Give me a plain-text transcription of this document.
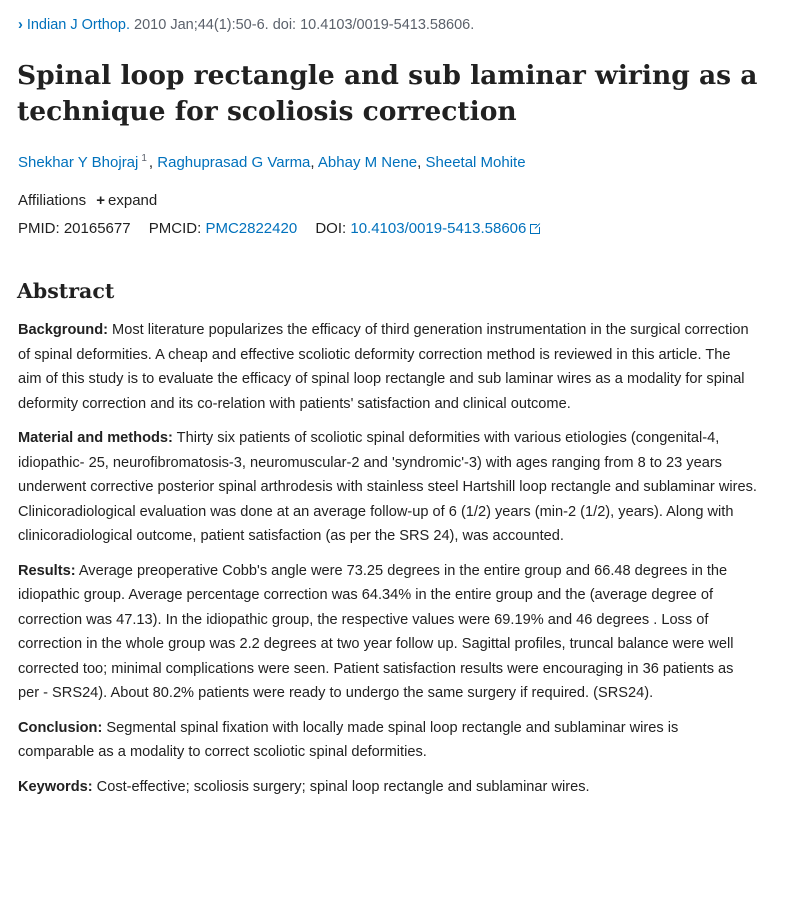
› Indian J Orthop. 2010 Jan;44(1):50-6. doi: 10.4103/0019-5413.58606.
Spinal loop rectangle and sub laminar wiring as a technique for scoliosis correction
Shekhar Y Bhojraj $^1$ , Raghuprasad G Varma, Abhay M Nene, Sheetal Mohite
Affiliations + expand
PMID: 20165677 PMCID: PMC2822420 DOI: 10.4103/0019-5413.58606
Abstract

Background: Most literature popularizes the efficacy of third generation instrumentation in the surgical correction of spinal deformities. A cheap and effective scoliotic deformity correction method is reviewed in this article. The aim of this study is to evaluate the efficacy of spinal loop rectangle and sub laminar wires as a modality for spinal deformity correction and its co-relation with patients' satisfaction and clinical outcome.

Material and methods: Thirty six patients of scoliotic spinal deformities with various etiologies (congenital-4, idiopathic- 25, neurofibromatosis-3, neuromuscular-2 and 'syndromic'-3) with ages ranging from 8 to 23 years underwent corrective posterior spinal arthrodesis with stainless steel Hartshill loop rectangle and sublaminar wires. Clinicoradiological evaluation was done at an average follow-up of 6 (1/2) years (min-2 (1/2), years). Along with clinicoradiological outcome, patient satisfaction (as per the SRS 24), was accounted.

Results: Average preoperative Cobb's angle were 73.25 degrees in the entire group and 66.48 degrees in the idiopathic group. Average percentage correction was 64.34% in the entire group and the (average degree of correction was 47.13). In the idiopathic group, the respective values were 69.19% and 46 degrees . Loss of correction in the whole group was 2.2 degrees at two year follow up. Sagittal profiles, truncal balance were well corrected too; minimal complications were seen. Patient satisfaction results were encouraging in 36 patients as per - SRS24). About 80.2% patients were ready to undergo the same surgery if required. (SRS24).

Conclusion: Segmental spinal fixation with locally made spinal loop rectangle and sublaminar wires is comparable as a modality to correct scoliotic spinal deformities.

Keywords: Cost-effective; scoliosis surgery; spinal loop rectangle and sublaminar wires.
